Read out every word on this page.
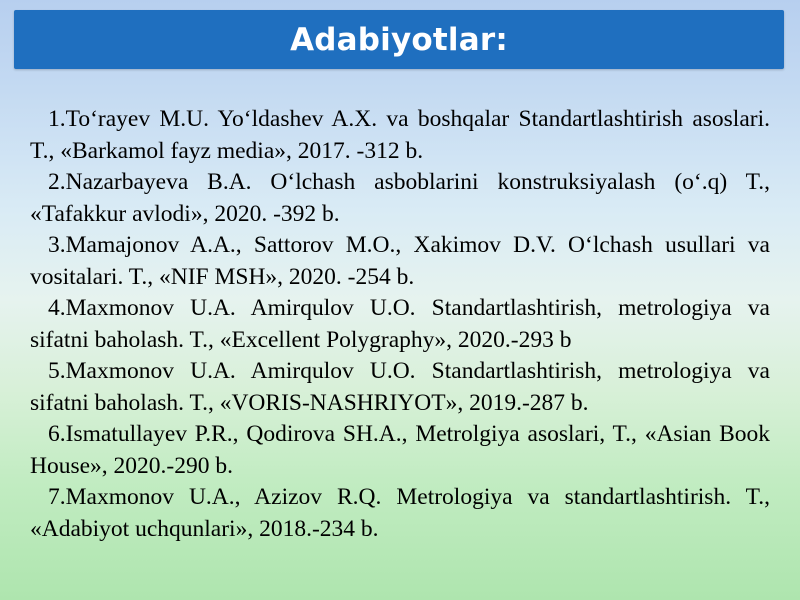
Adabiyotlar:

1.To‘rayev M.U. Yo‘ldashev A.X. va boshqalar Standartlashtirish asoslari. T., «Barkamol fayz media», 2017. -312 b.

2.Nazarbayeva B.A. O‘lchash asboblarini konstruksiyalash (o‘.q) T., «Tafakkur avlodi», 2020. -392 b.

3.Mamajonov A.A., Sattorov M.O., Xakimov D.V. O‘lchash usullari va vositalari. T., «NIF MSH», 2020. -254 b.

4.Maxmonov U.A. Amirqulov U.O. Standartlashtirish, metrologiya va sifatni baholash. T., «Excellent Polygraphy», 2020.-293 b

5.Maxmonov U.A. Amirqulov U.O. Standartlashtirish, metrologiya va sifatni baholash. T., «VORIS-NASHRIYOT», 2019.-287 b.

6.Ismatullayev P.R., Qodirova SH.A., Metrolgiya asoslari, T., «Asian Book House», 2020.-290 b.

7.Maxmonov U.A., Azizov R.Q. Metrologiya va standartlashtirish. T., «Adabiyot uchqunlari», 2018.-234 b.
